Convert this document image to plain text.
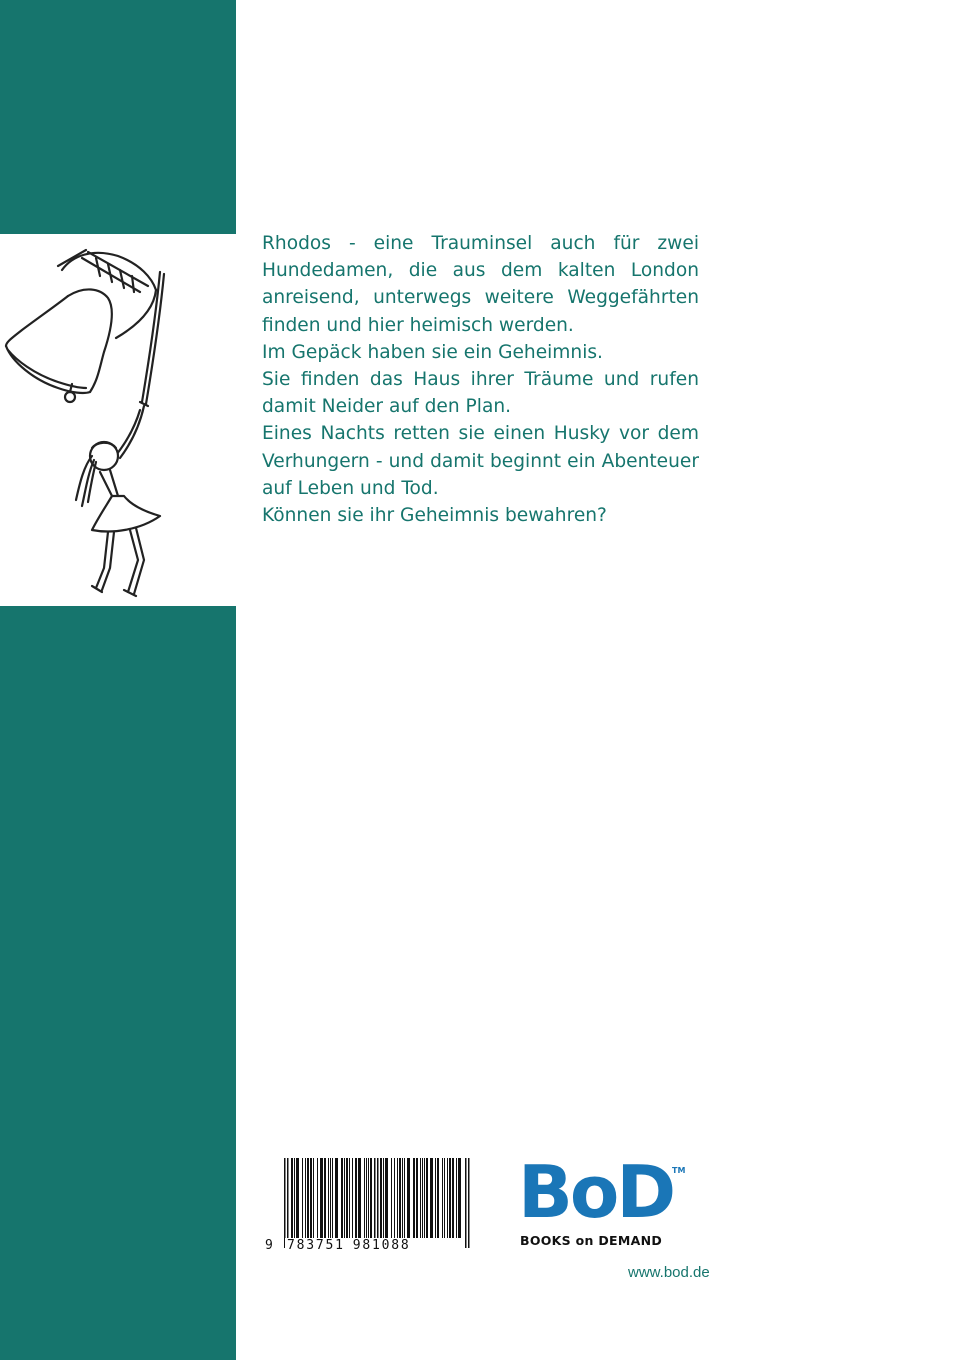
Rhodos - eine Trauminsel auch für zwei Hundedamen, die aus dem kalten London anreisend, unterwegs weitere Weggefährten finden und hier heimisch werden.

Im Gepäck haben sie ein Geheimnis.

Sie finden das Haus ihrer Träume und rufen damit Neider auf den Plan.

Eines Nachts retten sie einen Husky vor dem Verhungern - und damit beginnt ein Abenteuer auf Leben und Tod.

Können sie ihr Geheimnis bewahren?

9	783751 981088
BoD
TM
BOOKS on DEMAND
www.bod.de
